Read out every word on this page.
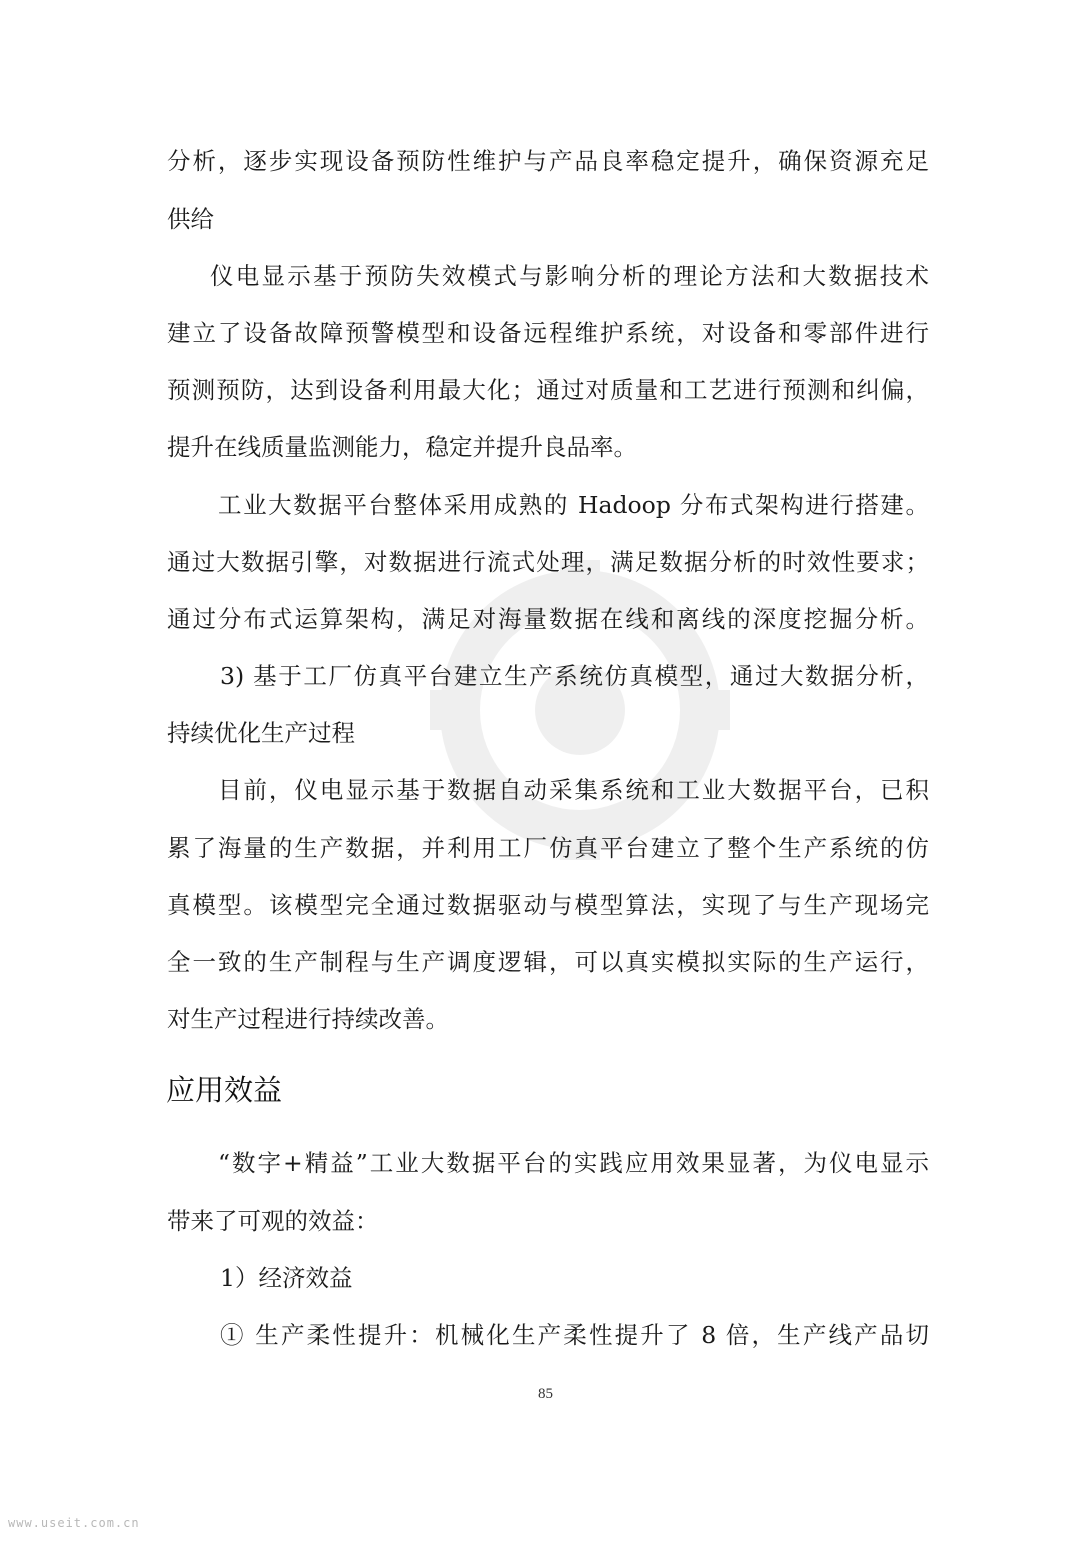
分析，逐步实现设备预防性维护与产品良率稳定提升，确保资源充足
供给
仪电显示基于预防失效模式与影响分析的理论方法和大数据技术
建立了设备故障预警模型和设备远程维护系统，对设备和零部件进行
预测预防，达到设备利用最大化；通过对质量和工艺进行预测和纠偏，
提升在线质量监测能力，稳定并提升良品率。
工业大数据平台整体采用成熟的 Hadoop 分布式架构进行搭建。
通过大数据引擎，对数据进行流式处理，满足数据分析的时效性要求；
通过分布式运算架构，满足对海量数据在线和离线的深度挖掘分析。
3) 基于工厂仿真平台建立生产系统仿真模型，通过大数据分析，
持续优化生产过程
目前，仪电显示基于数据自动采集系统和工业大数据平台，已积
累了海量的生产数据，并利用工厂仿真平台建立了整个生产系统的仿
真模型。该模型完全通过数据驱动与模型算法，实现了与生产现场完
全一致的生产制程与生产调度逻辑，可以真实模拟实际的生产运行，
对生产过程进行持续改善。
应用效益
“数字+精益”工业大数据平台的实践应用效果显著，为仪电显示
带来了可观的效益：
1）经济效益
① 生产柔性提升：机械化生产柔性提升了 8 倍，生产线产品切
85
www.useit.com.cn
